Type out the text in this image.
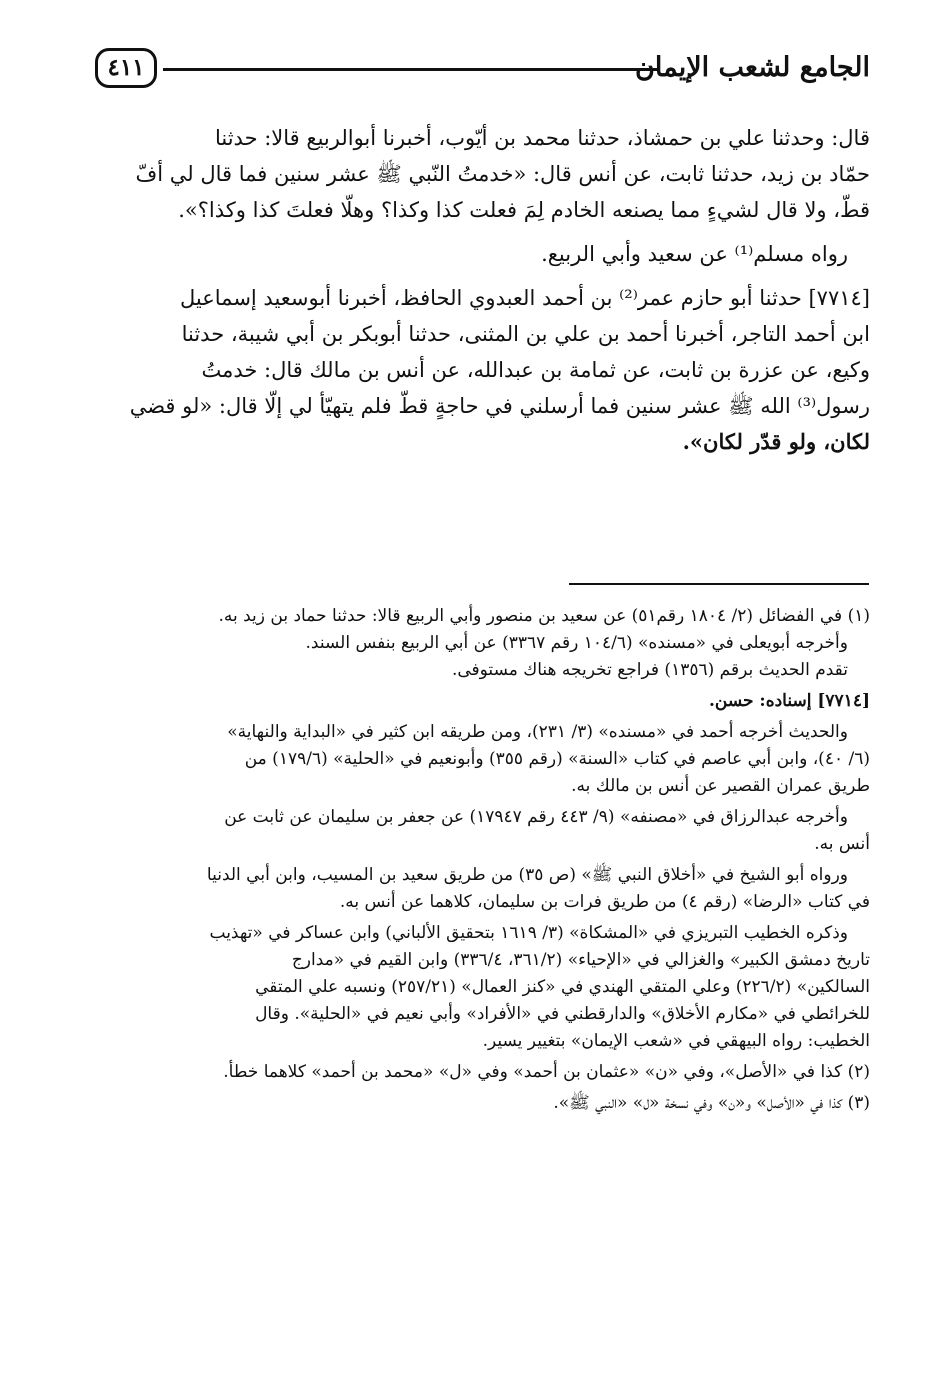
الجامع لشعب الإيمان
٤١١
قال: وحدثنا علي بن حمشاذ، حدثنا محمد بن أيّوب، أخبرنا أبوالربيع قالا: حدثنا
حمّاد بن زيد، حدثنا ثابت، عن أنس قال: «خدمتُ النّبي ﷺ عشر سنين فما قال لي أفّ
قطّ، ولا قال لشيءٍ مما يصنعه الخادم لِمَ فعلت كذا وكذا؟ وهلّا فعلتَ كذا وكذا؟».
رواه مسلم⁽¹⁾ عن سعيد وأبي الربيع.
[٧٧١٤] حدثنا أبو حازم عمر⁽²⁾ بن أحمد العبدوي الحافظ، أخبرنا أبوسعيد إسماعيل
ابن أحمد التاجر، أخبرنا أحمد بن علي بن المثنى، حدثنا أبوبكر بن أبي شيبة، حدثنا
وكيع، عن عزرة بن ثابت، عن ثمامة بن عبدالله، عن أنس بن مالك قال: خدمتُ
رسول⁽³⁾ الله ﷺ عشر سنين فما أرسلني في حاجةٍ قطّ فلم يتهيّأ لي إلّا قال: «لو قضي
لكان، ولو قدّر لكان».
(١) في الفضائل (٢/ ١٨٠٤ رقم٥١) عن سعيد بن منصور وأبي الربيع قالا: حدثنا حماد بن زيد به.
وأخرجه أبويعلى في «مسنده» (١٠٤/٦ رقم ٣٣٦٧) عن أبي الربيع بنفس السند.
تقدم الحديث برقم (١٣٥٦) فراجع تخريجه هناك مستوفى.
[٧٧١٤] إسناده: حسن.
والحديث أخرجه أحمد في «مسنده» (٣/ ٢٣١)، ومن طريقه ابن كثير في «البداية والنهاية»
(٦/ ٤٠)، وابن أبي عاصم في كتاب «السنة» (رقم ٣٥٥) وأبونعيم في «الحلية» (١٧٩/٦) من
طريق عمران القصير عن أنس بن مالك به.
وأخرجه عبدالرزاق في «مصنفه» (٩/ ٤٤٣ رقم ١٧٩٤٧) عن جعفر بن سليمان عن ثابت عن
أنس به.
ورواه أبو الشيخ في «أخلاق النبي ﷺ» (ص ٣٥) من طريق سعيد بن المسيب، وابن أبي الدنيا
في كتاب «الرضا» (رقم ٤) من طريق فرات بن سليمان، كلاهما عن أنس به.
وذكره الخطيب التبريزي في «المشكاة» (٣/ ١٦١٩ بتحقيق الألباني) وابن عساكر في «تهذيب
تاريخ دمشق الكبير» والغزالي في «الإحياء» (٣٦١/٢، ٣٣٦/٤) وابن القيم في «مدارج
السالكين» (٢٢٦/٢) وعلي المتقي الهندي في «كنز العمال» (٢٥٧/٢١) ونسبه علي المتقي
للخرائطي في «مكارم الأخلاق» والدارقطني في «الأفراد» وأبي نعيم في «الحلية». وقال
الخطيب: رواه البيهقي في «شعب الإيمان» بتغيير يسير.
(٢) كذا في «الأصل»، وفي «ن» «عثمان بن أحمد» وفي «ل» «محمد بن أحمد» كلاهما خطأ.
(٣) كذا في «الأصل» و«ن» وفي نسخة «ل» «النبي ﷺ».
